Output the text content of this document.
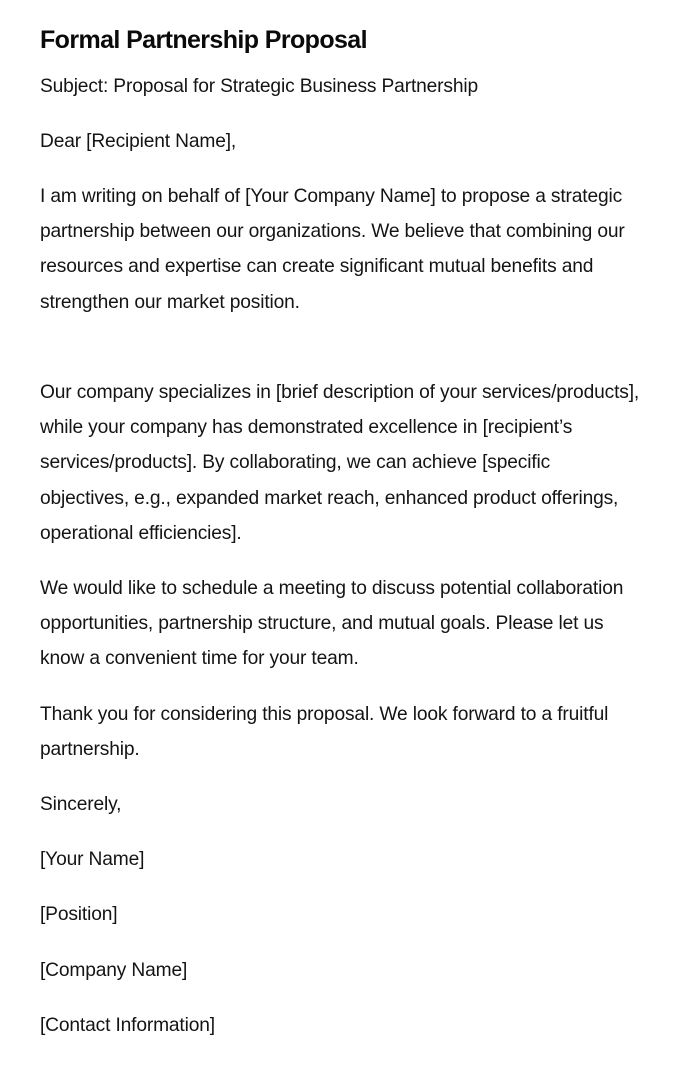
Formal Partnership Proposal

Subject: Proposal for Strategic Business Partnership

Dear [Recipient Name],

I am writing on behalf of [Your Company Name] to propose a strategic partnership between our organizations. We believe that combining our resources and expertise can create significant mutual benefits and strengthen our market position.

Our company specializes in [brief description of your services/products], while your company has demonstrated excellence in [recipient’s services/products]. By collaborating, we can achieve [specific objectives, e.g., expanded market reach, enhanced product offerings, operational efficiencies].

We would like to schedule a meeting to discuss potential collaboration opportunities, partnership structure, and mutual goals. Please let us know a convenient time for your team.

Thank you for considering this proposal. We look forward to a fruitful partnership.

Sincerely,

[Your Name]

[Position]

[Company Name]

[Contact Information]
